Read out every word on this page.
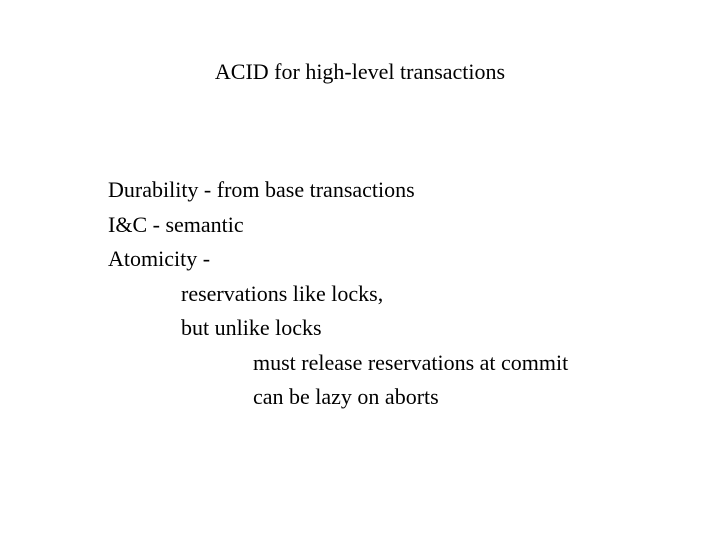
ACID for high-level transactions
Durability - from base transactions
I&C - semantic
Atomicity -
reservations like locks,
but unlike locks
must release reservations at commit
can be lazy on aborts
